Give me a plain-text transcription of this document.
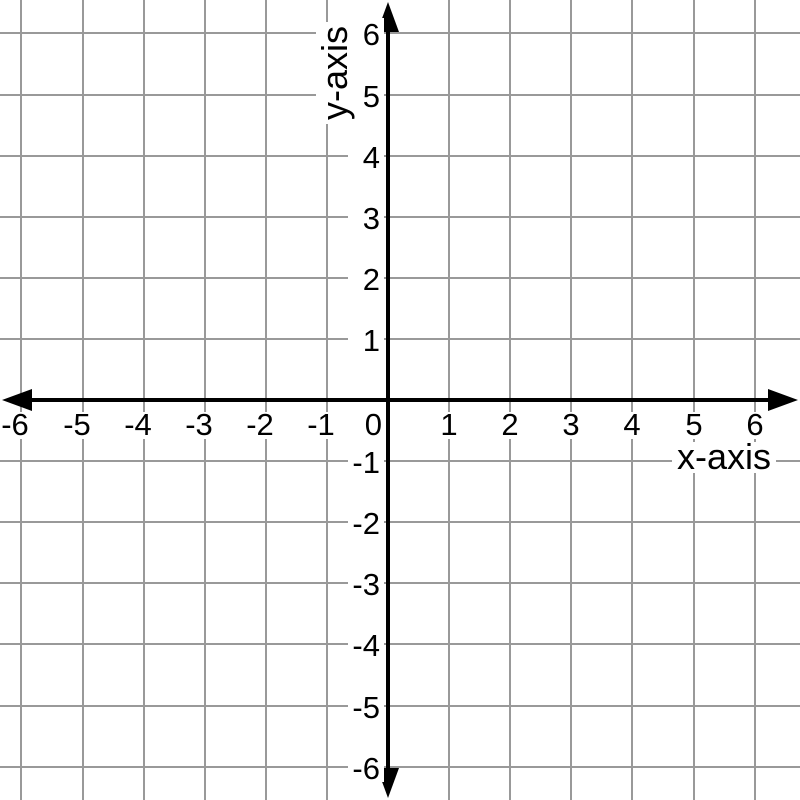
-6 -5 -4 -3 -2 -1	1 2 3 4 5 6
6
5
4
3
2
1
-1
-2
-3
-4
-5
-6
0
x-axis
y-axis
